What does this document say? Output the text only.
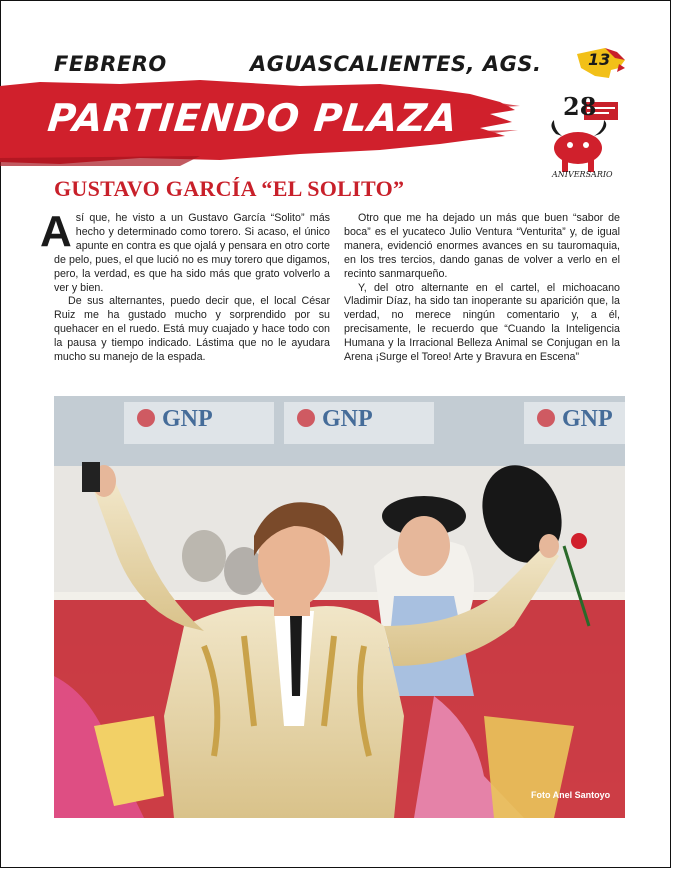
FEBRERO	AGUASCALIENTES, AGS.	13
PARTIENDO PLAZA	28
ANIVERSARIO
GUSTAVO GARCÍA “EL SOLITO”

Así que, he visto a un Gustavo García “Solito” más hecho y determinado como torero. Si acaso, el único apunte en contra es que ojalá y pensara en otro corte de pelo, pues, el que lució no es muy torero que digamos, pero, la verdad, es que ha sido más que grato volverlo a ver y bien.

De sus alternantes, puedo decir que, el local César Ruiz me ha gustado mucho y sorprendido por su quehacer en el ruedo. Está muy cuajado y hace todo con la pausa y tiempo indicado. Lástima que no le ayudara mucho su manejo de la espada.

Otro que me ha dejado un más que buen “sabor de boca” es el yucateco Julio Ventura “Venturita” y, de igual manera, evidenció enormes avances en su tauromaquia, en los tres tercios, dando ganas de volver a verlo en el recinto sanmarqueño.

Y, del otro alternante en el cartel, el michoacano Vladimir Díaz, ha sido tan inoperante su aparición que, la verdad, no merece ningún comentario y, a él, precisamente, le recuerdo que “Cuando la Inteligencia Humana y la Irracional Belleza Animal se Conjugan en la Arena ¡Surge el Toreo! Arte y Bravura en Escena”

GNP	GNP	GNP
Foto Anel Santoyo
